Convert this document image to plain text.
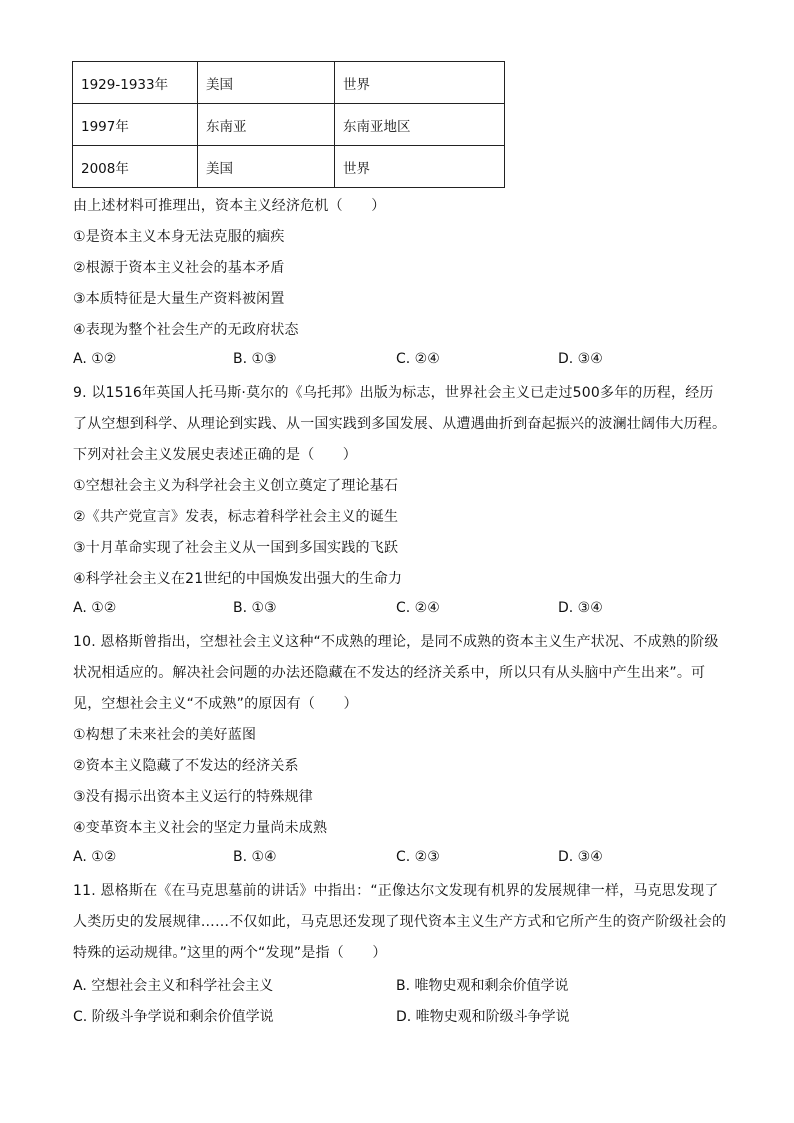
1929-1933年	美国	世界
1997年	东南亚	东南亚地区
2008年	美国	世界
由上述材料可推理出，资本主义经济危机（　　）
①是资本主义本身无法克服的痼疾
②根源于资本主义社会的基本矛盾
③本质特征是大量生产资料被闲置
④表现为整个社会生产的无政府状态
A. ①②	B. ①③	C. ②④	D. ③④
9. 以1516年英国人托马斯·莫尔的《乌托邦》出版为标志，世界社会主义已走过500多年的历程，经历
了从空想到科学、从理论到实践、从一国实践到多国发展、从遭遇曲折到奋起振兴的波澜壮阔伟大历程。
下列对社会主义发展史表述正确的是（　　）
①空想社会主义为科学社会主义创立奠定了理论基石
②《共产党宣言》发表，标志着科学社会主义的诞生
③十月革命实现了社会主义从一国到多国实践的飞跃
④科学社会主义在21世纪的中国焕发出强大的生命力
A. ①②	B. ①③	C. ②④	D. ③④
10. 恩格斯曾指出，空想社会主义这种“不成熟的理论，是同不成熟的资本主义生产状况、不成熟的阶级
状况相适应的。解决社会问题的办法还隐藏在不发达的经济关系中，所以只有从头脑中产生出来”。可
见，空想社会主义“不成熟”的原因有（　　）
①构想了未来社会的美好蓝图
②资本主义隐藏了不发达的经济关系
③没有揭示出资本主义运行的特殊规律
④变革资本主义社会的坚定力量尚未成熟
A. ①②	B. ①④	C. ②③	D. ③④
11. 恩格斯在《在马克思墓前的讲话》中指出：“正像达尔文发现有机界的发展规律一样，马克思发现了
人类历史的发展规律……不仅如此，马克思还发现了现代资本主义生产方式和它所产生的资产阶级社会的
特殊的运动规律。”这里的两个“发现”是指（　　）
A. 空想社会主义和科学社会主义	B. 唯物史观和剩余价值学说
C. 阶级斗争学说和剩余价值学说	D. 唯物史观和阶级斗争学说
